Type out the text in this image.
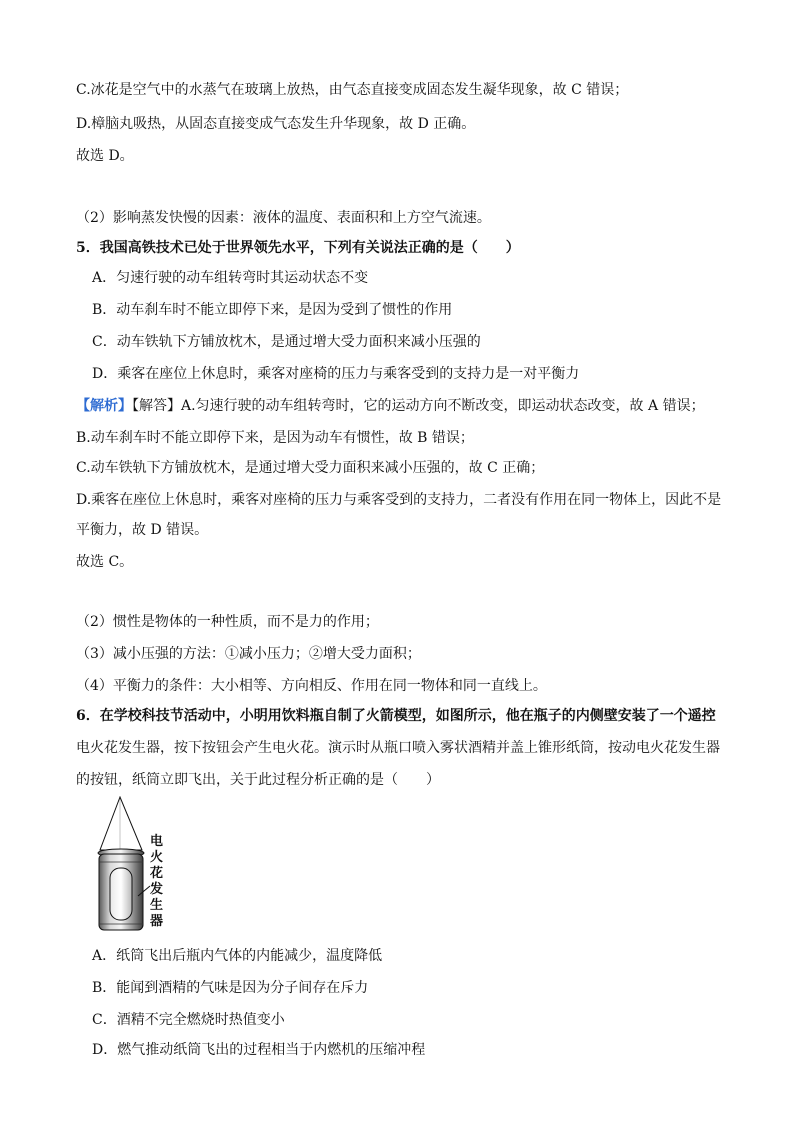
C.冰花是空气中的水蒸气在玻璃上放热，由气态直接变成固态发生凝华现象，故 C 错误；
D.樟脑丸吸热，从固态直接变成气态发生升华现象，故 D 正确。
故选 D。
（2）影响蒸发快慢的因素：液体的温度、表面积和上方空气流速。
5．我国高铁技术已处于世界领先水平，下列有关说法正确的是（　　）
A．匀速行驶的动车组转弯时其运动状态不变
B．动车刹车时不能立即停下来，是因为受到了惯性的作用
C．动车铁轨下方铺放枕木，是通过增大受力面积来减小压强的
D．乘客在座位上休息时，乘客对座椅的压力与乘客受到的支持力是一对平衡力
【解析】【解答】A.匀速行驶的动车组转弯时，它的运动方向不断改变，即运动状态改变，故 A 错误；
B.动车刹车时不能立即停下来，是因为动车有惯性，故 B 错误；
C.动车铁轨下方铺放枕木，是通过增大受力面积来减小压强的，故 C 正确；
D.乘客在座位上休息时，乘客对座椅的压力与乘客受到的支持力，二者没有作用在同一物体上，因此不是
平衡力，故 D 错误。
故选 C。
（2）惯性是物体的一种性质，而不是力的作用；
（3）减小压强的方法：①减小压力；②增大受力面积；
（4）平衡力的条件：大小相等、方向相反、作用在同一物体和同一直线上。
6．在学校科技节活动中，小明用饮料瓶自制了火箭模型，如图所示，他在瓶子的内侧壁安装了一个遥控
电火花发生器，按下按钮会产生电火花。演示时从瓶口喷入雾状酒精并盖上锥形纸筒，按动电火花发生器
的按钮，纸筒立即飞出，关于此过程分析正确的是（　　）
电火花发生器
A．纸筒飞出后瓶内气体的内能减少，温度降低
B．能闻到酒精的气味是因为分子间存在斥力
C．酒精不完全燃烧时热值变小
D．燃气推动纸筒飞出的过程相当于内燃机的压缩冲程
